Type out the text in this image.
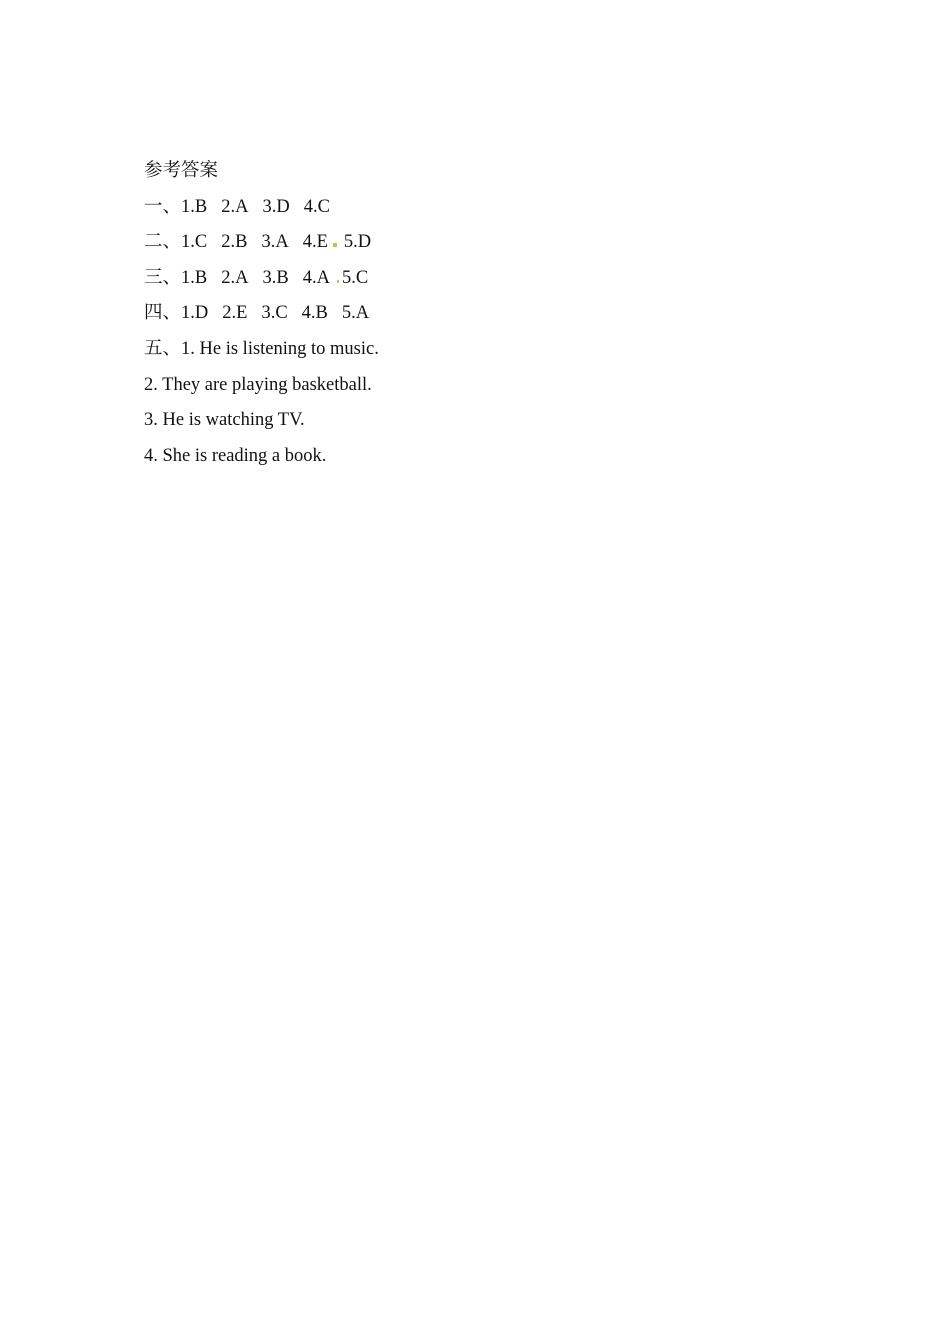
参考答案
一、1.B 2.A 3.D 4.C
二、1.C 2.B 3.A 4.E 5.D
三、1.B 2.A 3.B 4.A 5.C
四、1.D 2.E 3.C 4.B 5.A
五、1. He is listening to music.
2. They are playing basketball.
3. He is watching TV.
4. She is reading a book.
